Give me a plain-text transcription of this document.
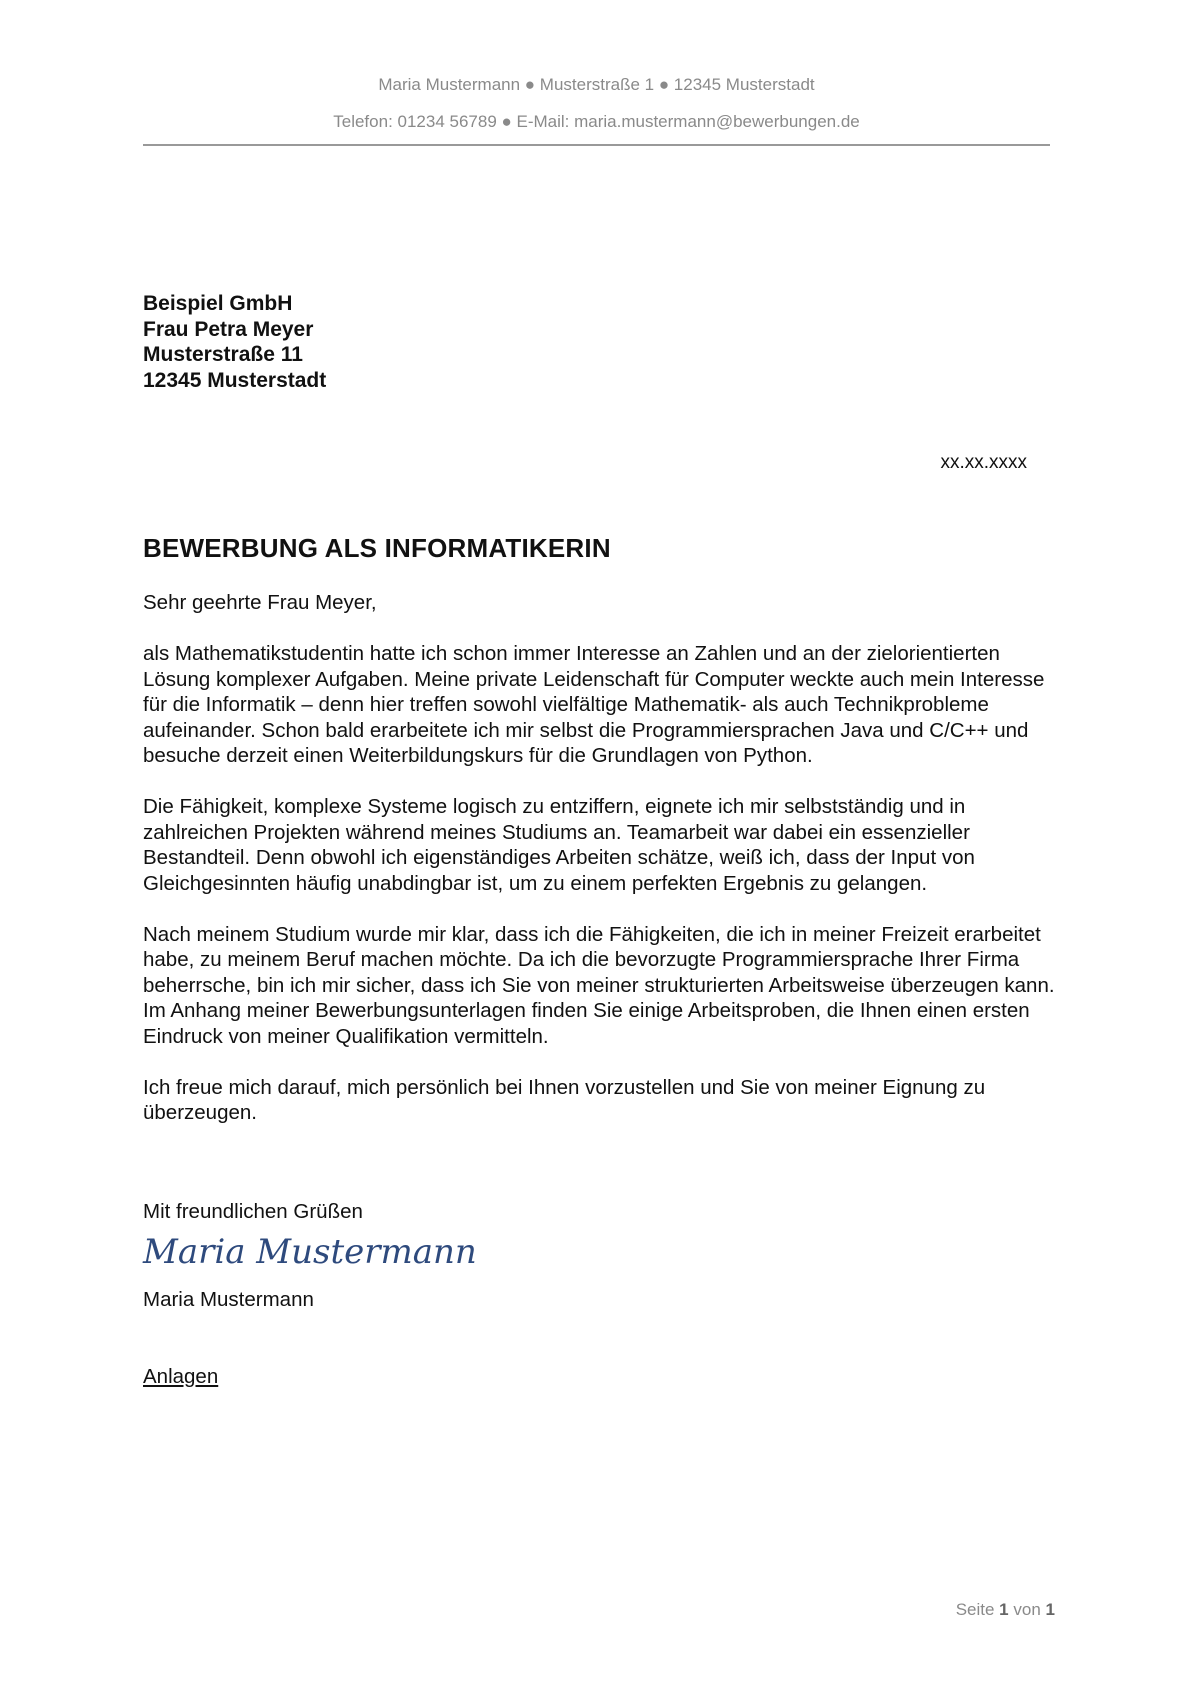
Maria Mustermann ● Musterstraße 1 ● 12345 Musterstadt
Telefon: 01234 56789 ● E-Mail: maria.mustermann@bewerbungen.de
Beispiel GmbH
Frau Petra Meyer
Musterstraße 11
12345 Musterstadt
xx.xx.xxxx
BEWERBUNG ALS INFORMATIKERIN

Sehr geehrte Frau Meyer,

als Mathematikstudentin hatte ich schon immer Interesse an Zahlen und an der zielorientierten Lösung komplexer Aufgaben. Meine private Leidenschaft für Computer weckte auch mein Interesse für die Informatik – denn hier treffen sowohl vielfältige Mathematik- als auch Technikprobleme aufeinander. Schon bald erarbeitete ich mir selbst die Programmiersprachen Java und C/C++ und besuche derzeit einen Weiterbildungskurs für die Grundlagen von Python.

Die Fähigkeit, komplexe Systeme logisch zu entziffern, eignete ich mir selbstständig und in zahlreichen Projekten während meines Studiums an. Teamarbeit war dabei ein essenzieller Bestandteil. Denn obwohl ich eigenständiges Arbeiten schätze, weiß ich, dass der Input von Gleichgesinnten häufig unabdingbar ist, um zu einem perfekten Ergebnis zu gelangen.

Nach meinem Studium wurde mir klar, dass ich die Fähigkeiten, die ich in meiner Freizeit erarbeitet habe, zu meinem Beruf machen möchte. Da ich die bevorzugte Programmiersprache Ihrer Firma beherrsche, bin ich mir sicher, dass ich Sie von meiner strukturierten Arbeitsweise überzeugen kann. Im Anhang meiner Bewerbungsunterlagen finden Sie einige Arbeitsproben, die Ihnen einen ersten Eindruck von meiner Qualifikation vermitteln.

Ich freue mich darauf, mich persönlich bei Ihnen vorzustellen und Sie von meiner Eignung zu überzeugen.

Mit freundlichen Grüßen
Maria Mustermann
Maria Mustermann
Anlagen
Seite 1 von 1
